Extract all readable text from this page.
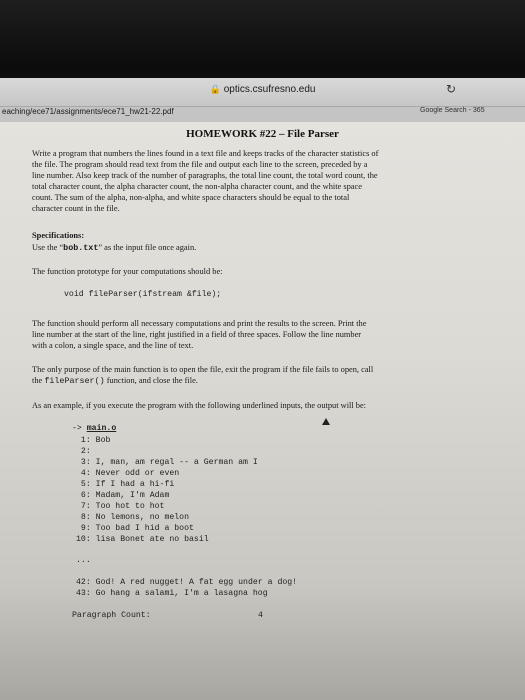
🔒 optics.csufresno.edu	↻
eaching/ece71/assignments/ece71_hw21-22.pdf	Google Search - 365
HOMEWORK #22 – File Parser
Write a program that numbers the lines found in a text file and keeps tracks of the character statistics of
the file. The program should read text from the file and output each line to the screen, preceded by a
line number. Also keep track of the number of paragraphs, the total line count, the total word count, the
total character count, the alpha character count, the non-alpha character count, and the white space
count. The sum of the alpha, non-alpha, and white space characters should be equal to the total
character count in the file.
Specifications:
Use the “bob.txt” as the input file once again.
The function prototype for your computations should be:
void fileParser(ifstream &file);
The function should perform all necessary computations and print the results to the screen. Print the
line number at the start of the line, right justified in a field of three spaces. Follow the line number
with a colon, a single space, and the line of text.
The only purpose of the main function is to open the file, exit the program if the file fails to open, call
the fileParser() function, and close the file.
As an example, if you execute the program with the following underlined inputs, the output will be:
-> main.o
1: Bob
2:
3: I, man, am regal -- a German am I
4: Never odd or even
5: If I had a hi-fi
6: Madam, I'm Adam
7: Too hot to hot
8: No lemons, no melon
9: Too bad I hid a boot
10: lisa Bonet ate no basil
...
42: God! A red nugget! A fat egg under a dog!
43: Go hang a salami, I'm a lasagna hog
Paragraph Count:	4
